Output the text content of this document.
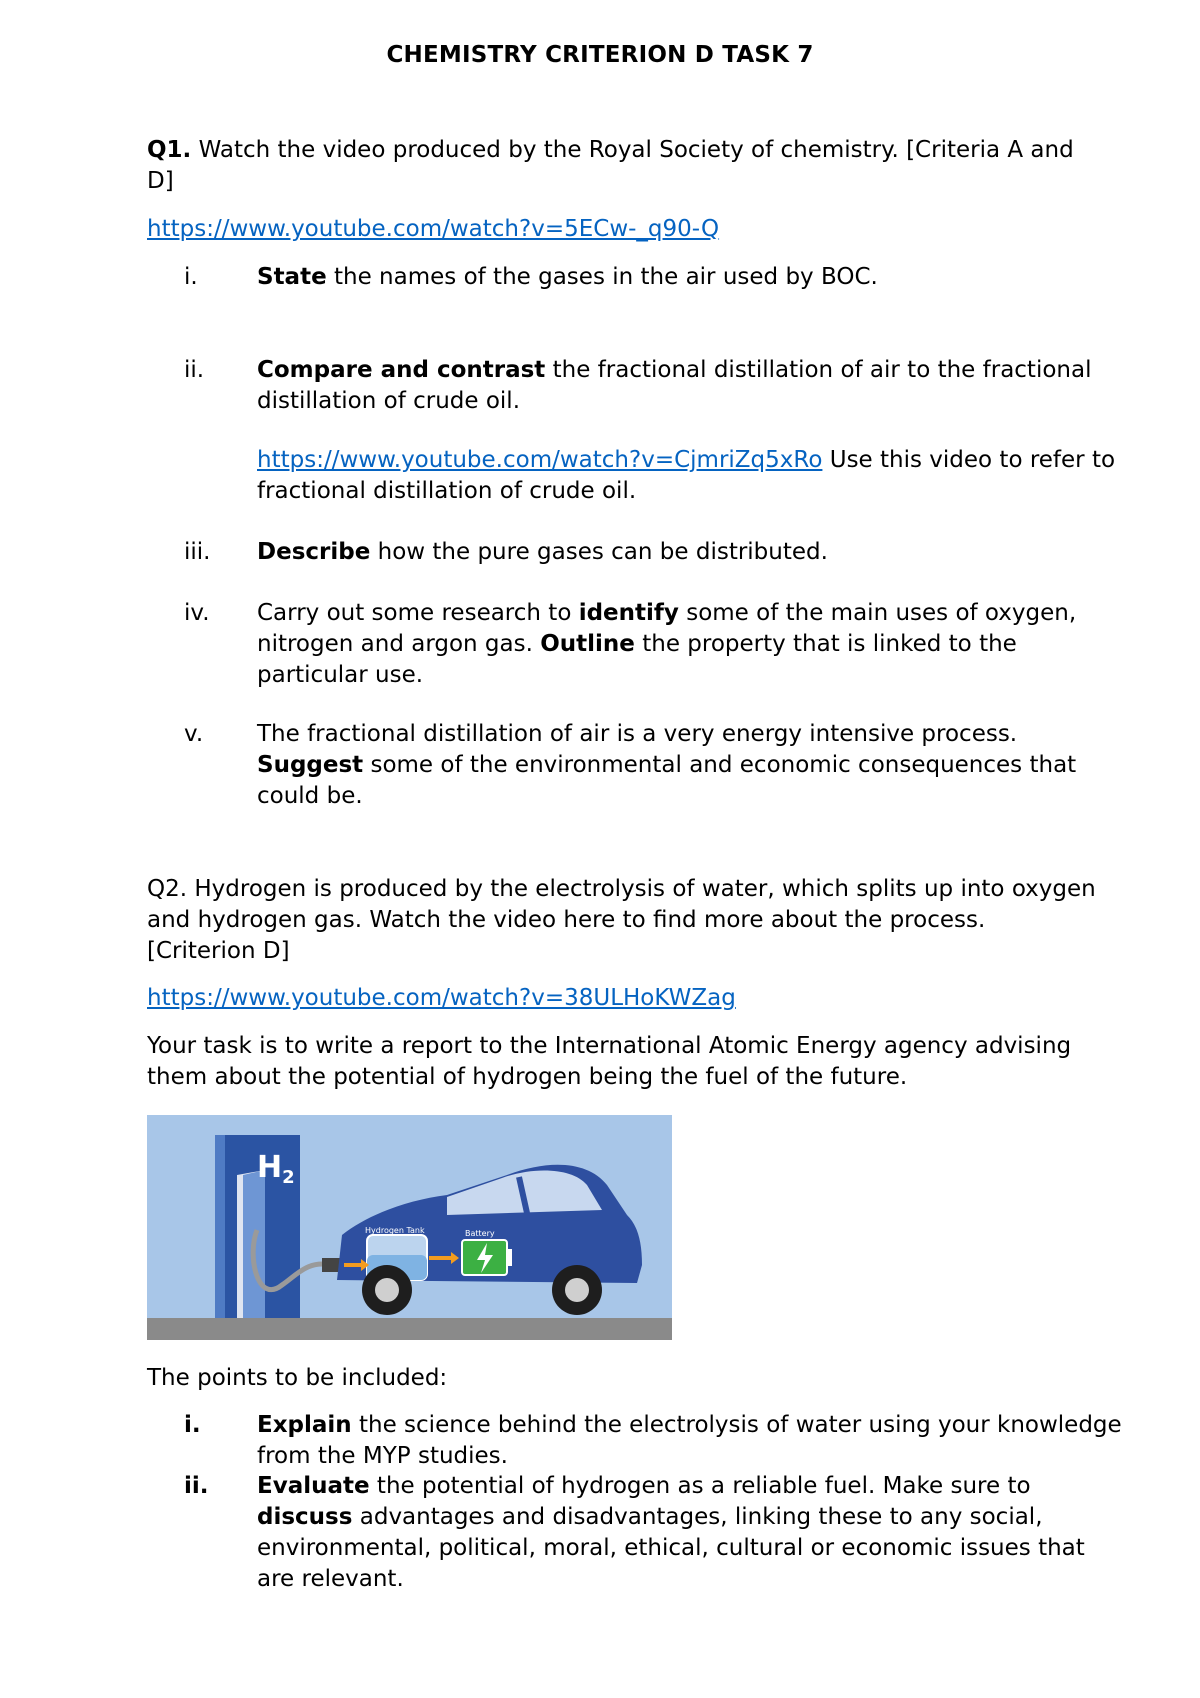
CHEMISTRY CRITERION D TASK 7
Q1. Watch the video produced by the Royal Society of chemistry. [Criteria A and D]
https://www.youtube.com/watch?v=5ECw-_q90-Q
i.	State the names of the gases in the air used by BOC.
ii. Compare and contrast the fractional distillation of air to the fractional distillation of crude oil.
https://www.youtube.com/watch?v=CjmriZq5xRo Use this video to refer to fractional distillation of crude oil.
iii. Describe how the pure gases can be distributed.
iv. Carry out some research to identify some of the main uses of oxygen, nitrogen and argon gas. Outline the property that is linked to the particular use.
v. The fractional distillation of air is a very energy intensive process. Suggest some of the environmental and economic consequences that could be.
Q2. Hydrogen is produced by the electrolysis of water, which splits up into oxygen and hydrogen gas. Watch the video here to find more about the process.[Criterion D]
https://www.youtube.com/watch?v=38ULHoKWZag
Your task is to write a report to the International Atomic Energy agency advising them about the potential of hydrogen being the fuel of the future.
$H_2$
Hydrogen Tank	Battery
The points to be included:
i. Explain the science behind the electrolysis of water using your knowledge from the MYP studies.
ii. Evaluate the potential of hydrogen as a reliable fuel. Make sure to discuss advantages and disadvantages, linking these to any social, environmental, political, moral, ethical, cultural or economic issues that are relevant.
